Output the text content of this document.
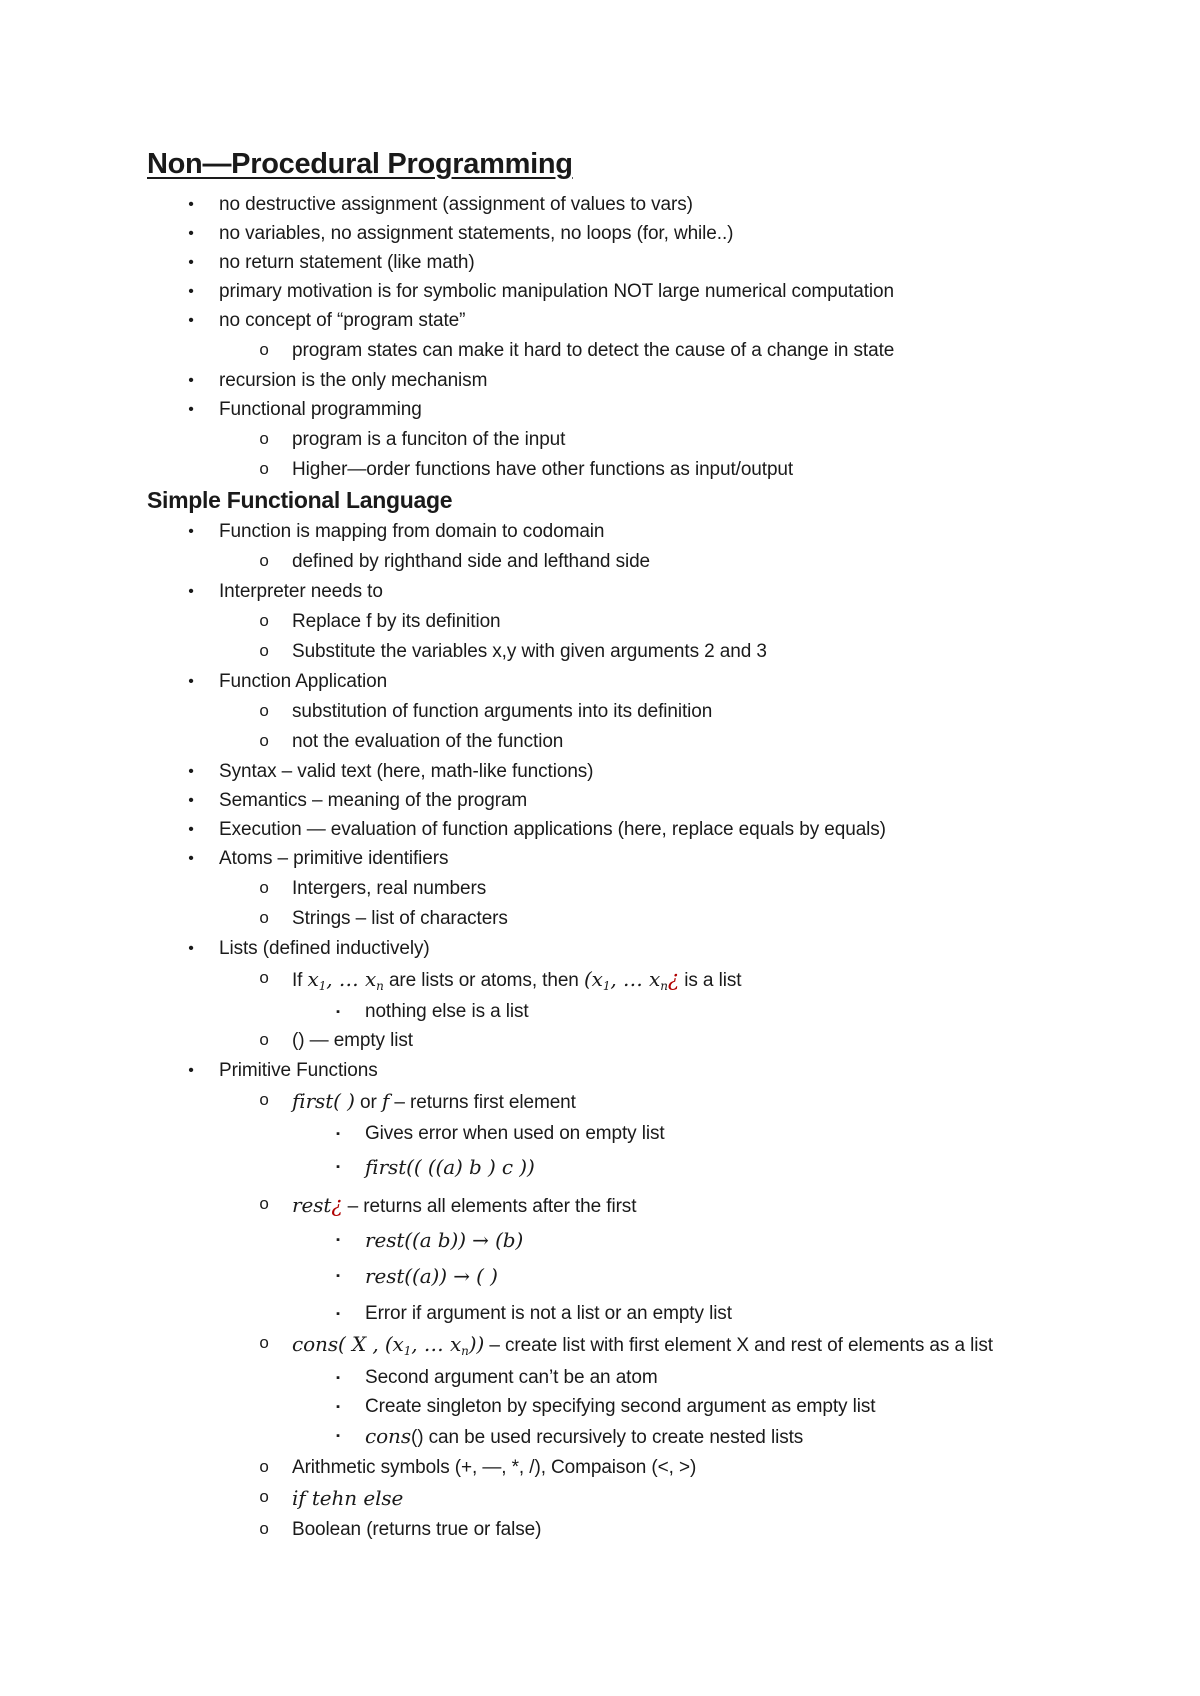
Non—Procedural Programming
•	no destructive assignment (assignment of values to vars)
•	no variables, no assignment statements, no loops (for, while..)
•	no return statement (like math)
•	primary motivation is for symbolic manipulation NOT large numerical computation
•	no concept of “program state”
o program states can make it hard to detect the cause of a change in state
•	recursion is the only mechanism
•	Functional programming
o program is a funciton of the input
o Higher—order functions have other functions as input/output
Simple Functional Language
•	Function is mapping from domain to codomain
o defined by righthand side and lefthand side
•	Interpreter needs to
o Replace f by its definition
o Substitute the variables x,y with given arguments 2 and 3
•	Function Application
o substitution of function arguments into its definition
o not the evaluation of the function
•	Syntax – valid text (here, math-like functions)
•	Semantics – meaning of the program
•	Execution — evaluation of function applications (here, replace equals by equals)
•	Atoms – primitive identifiers
o Intergers, real numbers
o Strings – list of characters
•	Lists (defined inductively)
o If $x_1$, … $x_n$ are lists or atoms, then ($x_1$, … $x_n¿$ is a list
▪	nothing else is a list
o () — empty list
•	Primitive Functions
o first( ) or f – returns first element
▪	Gives error when used on empty list
▪	first(( ((a) b ) c ))
o rest¿ – returns all elements after the first
▪	rest((a b)) → (b)
▪	rest((a)) → ( )
▪	Error if argument is not a list or an empty list
o cons( X , ($x_1$, … $x_n$)) – create list with first element X and rest of elements as a list
▪	Second argument can’t be an atom
▪	Create singleton by specifying second argument as empty list
▪	cons() can be used recursively to create nested lists
o Arithmetic symbols (+, —, *, /), Compaison (<, >)
o if tehn else
o Boolean (returns true or false)
